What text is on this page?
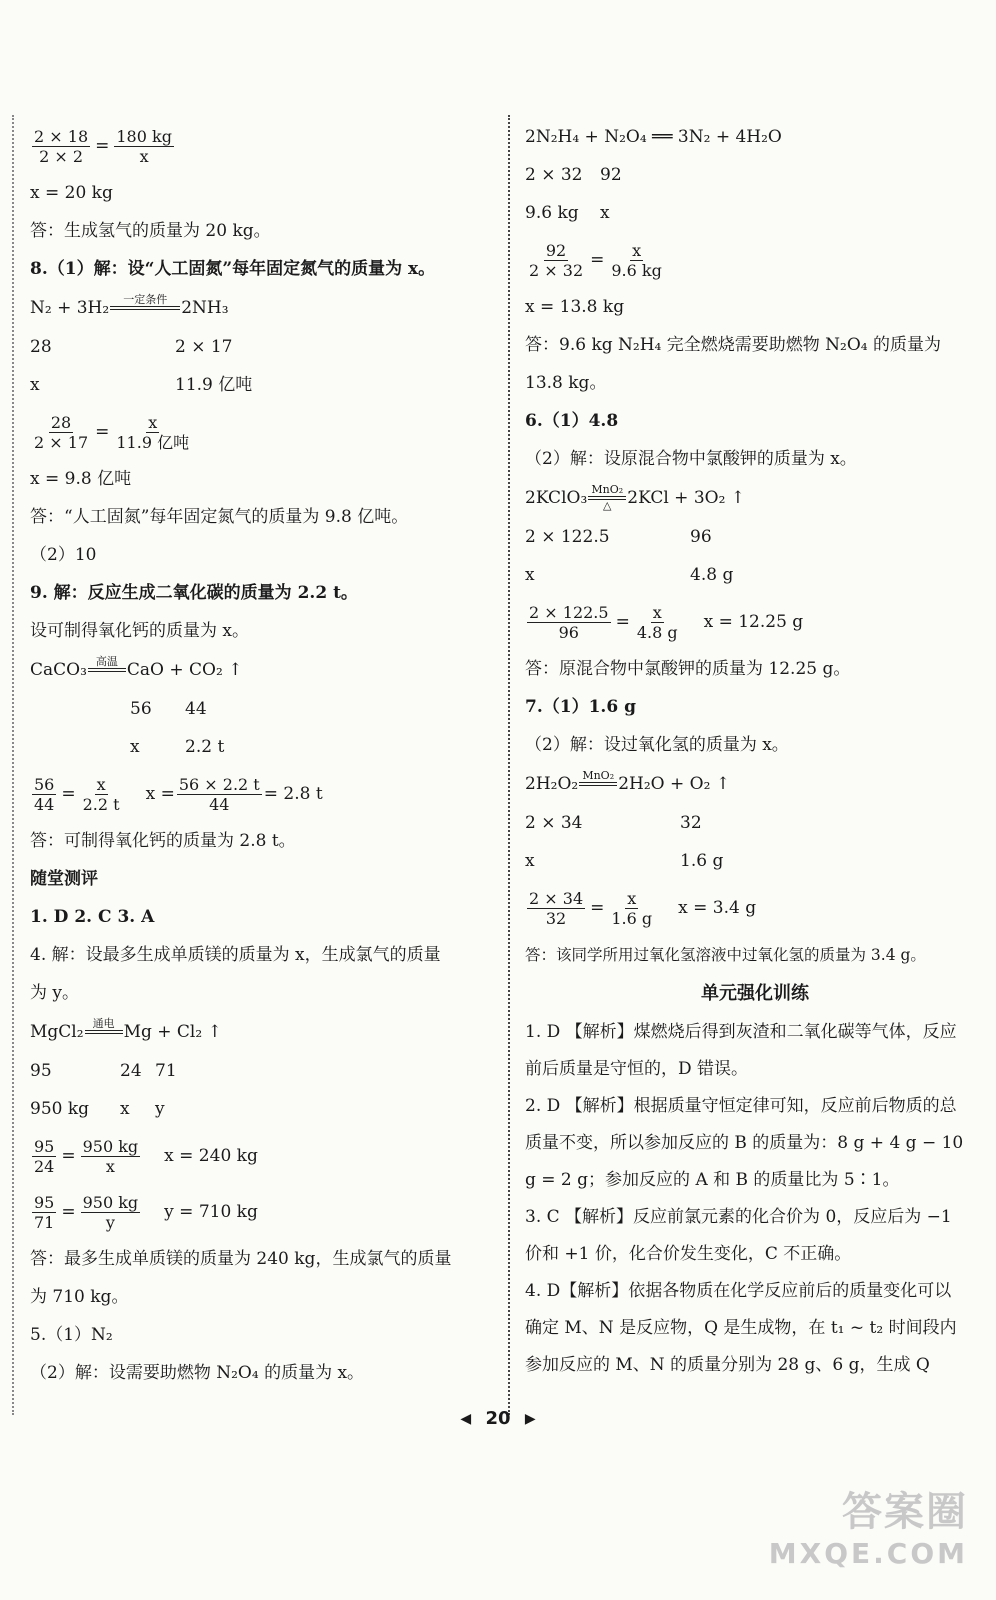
$\frac{2 \times 18}{2 \times 2} = \frac{180 kg}{x}$
x = 20 kg
答：生成氢气的质量为 20 kg。
8.（1）解：设“人工固氮”每年固定氮气的质量为 x。
N₂ + 3H₂ 一定条件
2NH₃
28	2 × 17
x	11.9 亿吨
$\frac{28}{2 \times 17} = \frac{x}{\text{11.9 亿吨}}$
x = 9.8 亿吨
答：“人工固氮”每年固定氮气的质量为 9.8 亿吨。
（2）10
9. 解：反应生成二氧化碳的质量为 2.2 t。
设可制得氧化钙的质量为 x。
CaCO₃ 高温
CaO + CO₂ ↑
56 44
x	2.2 t
$\frac{56}{44} = \frac{x}{2.2 t}$ $x = \frac{56 \times 2.2 t}{44} = 2.8$ t
答：可制得氧化钙的质量为 2.8 t。
随堂测评
1. D 2. C 3. A
4. 解：设最多生成单质镁的质量为 x，生成氯气的质量
为 y。
MgCl₂ 通电
Mg + Cl₂ ↑
95	24 71
950 kg x y
$\frac{95}{24} = \frac{950 kg}{x}$ x = 240 kg
$\frac{95}{71} = \frac{950 kg}{y}$ y = 710 kg
答：最多生成单质镁的质量为 240 kg，生成氯气的质量
为 710 kg。
5.（1）N₂
（2）解：设需要助燃物 N₂O₄ 的质量为 x。
2N₂H₄ + N₂O₄ ══ 3N₂ + 4H₂O
2 × 32 92
9.6 kg x
$\frac{92}{2 \times 32} = \frac{x}{9.6 kg}$
x = 13.8 kg
答：9.6 kg N₂H₄ 完全燃烧需要助燃物 N₂O₄ 的质量为
13.8 kg。
6.（1）4.8
（2）解：设原混合物中氯酸钾的质量为 x。
2KClO₃ MnO₂
△ 2KCl + 3O₂ ↑
2 × 122.5	96
x	4.8 g
$\frac{2 \times 122.5}{96} = \frac{x}{4.8 g}$ x = 12.25 g
答：原混合物中氯酸钾的质量为 12.25 g。
7.（1）1.6 g
（2）解：设过氧化氢的质量为 x。
2H₂O₂ MnO₂
2H₂O + O₂ ↑
2 × 34	32
x	1.6 g
$\frac{2 \times 34}{32} = \frac{x}{1.6 g}$ x = 3.4 g
答：该同学所用过氧化氢溶液中过氧化氢的质量为 3.4 g。
单元强化训练
1. D 【解析】煤燃烧后得到灰渣和二氧化碳等气体，反应前后质量是守恒的，D 错误。
2. D 【解析】根据质量守恒定律可知，反应前后物质的总质量不变，所以参加反应的 B 的质量为：8 g + 4 g − 10 g = 2 g；参加反应的 A 和 B 的质量比为 5∶1。
3. C 【解析】反应前氯元素的化合价为 0，反应后为 −1 价和 +1 价，化合价发生变化，C 不正确。
4. D【解析】依据各物质在化学反应前后的质量变化可以确定 M、N 是反应物，Q 是生成物，在 t₁ ~ t₂ 时间段内参加反应的 M、N 的质量分别为 28 g、6 g，生成 Q
◀ 20 ▶
答案圈
MXQE.COM
